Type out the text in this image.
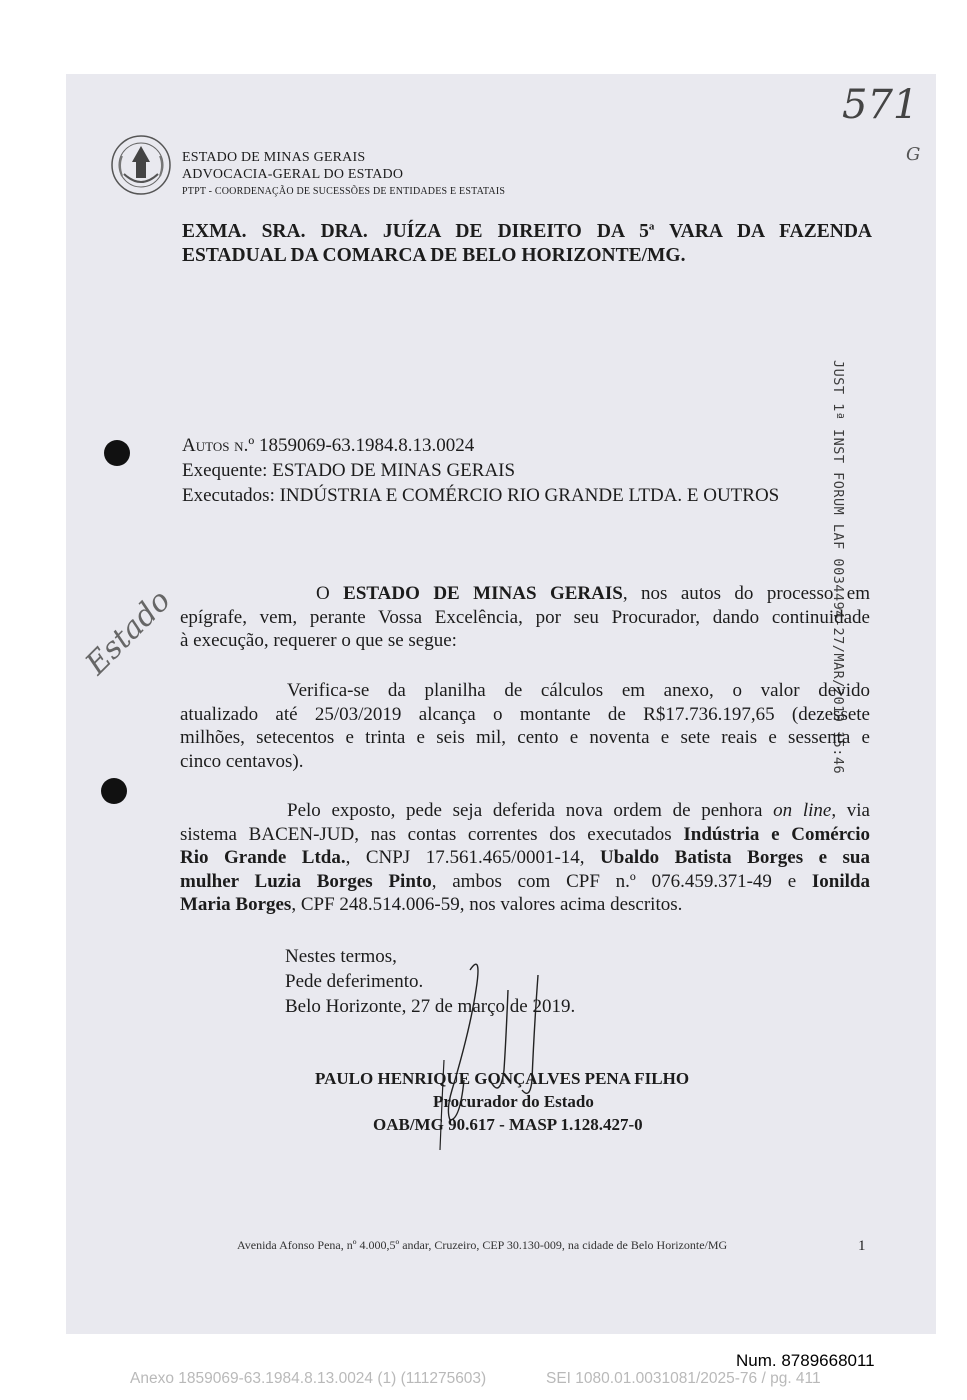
ESTADO DE MINAS GERAIS
ADVOCACIA-GERAL DO ESTADO
PTPT - COORDENAÇÃO DE SUCESSÕES DE ENTIDADES E ESTATAIS
571
G
Estado
EXMA. SRA. DRA. JUÍZA DE DIREITO DA 5$^a$ VARA DA FAZENDA
ESTADUAL DA COMARCA DE BELO HORIZONTE/MG.
JUST 1ª INST FORUM LAF 0034494-27/MAR/2019 15:46
Autos n.º 1859069-63.1984.8.13.0024
Exequente: ESTADO DE MINAS GERAIS
Executados: INDÚSTRIA E COMÉRCIO RIO GRANDE LTDA. E OUTROS
O ESTADO DE MINAS GERAIS, nos autos do processo em
epígrafe, vem, perante Vossa Excelência, por seu Procurador, dando continuidade
à execução, requerer o que se segue:
Verifica-se da planilha de cálculos em anexo, o valor devido
atualizado até 25/03/2019 alcança o montante de R$17.736.197,65 (dezessete
milhões, setecentos e trinta e seis mil, cento e noventa e sete reais e sessenta e
cinco centavos).
Pelo exposto, pede seja deferida nova ordem de penhora on line, via
sistema BACEN-JUD, nas contas correntes dos executados Indústria e Comércio
Rio Grande Ltda., CNPJ 17.561.465/0001-14, Ubaldo Batista Borges e sua
mulher Luzia Borges Pinto, ambos com CPF n.º 076.459.371-49 e Ionilda
Maria Borges, CPF 248.514.006-59, nos valores acima descritos.
Nestes termos,
Pede deferimento.
Belo Horizonte, 27 de março de 2019.
PAULO HENRIQUE GONÇALVES PENA FILHO
Procurador do Estado
OAB/MG 90.617 - MASP 1.128.427-0
Avenida Afonso Pena, nº 4.000,5º andar, Cruzeiro, CEP 30.130-009, na cidade de Belo Horizonte/MG	1
Num. 8789668011
Anexo 1859069-63.1984.8.13.0024 (1) (111275603)	SEI 1080.01.0031081/2025-76 / pg. 411
